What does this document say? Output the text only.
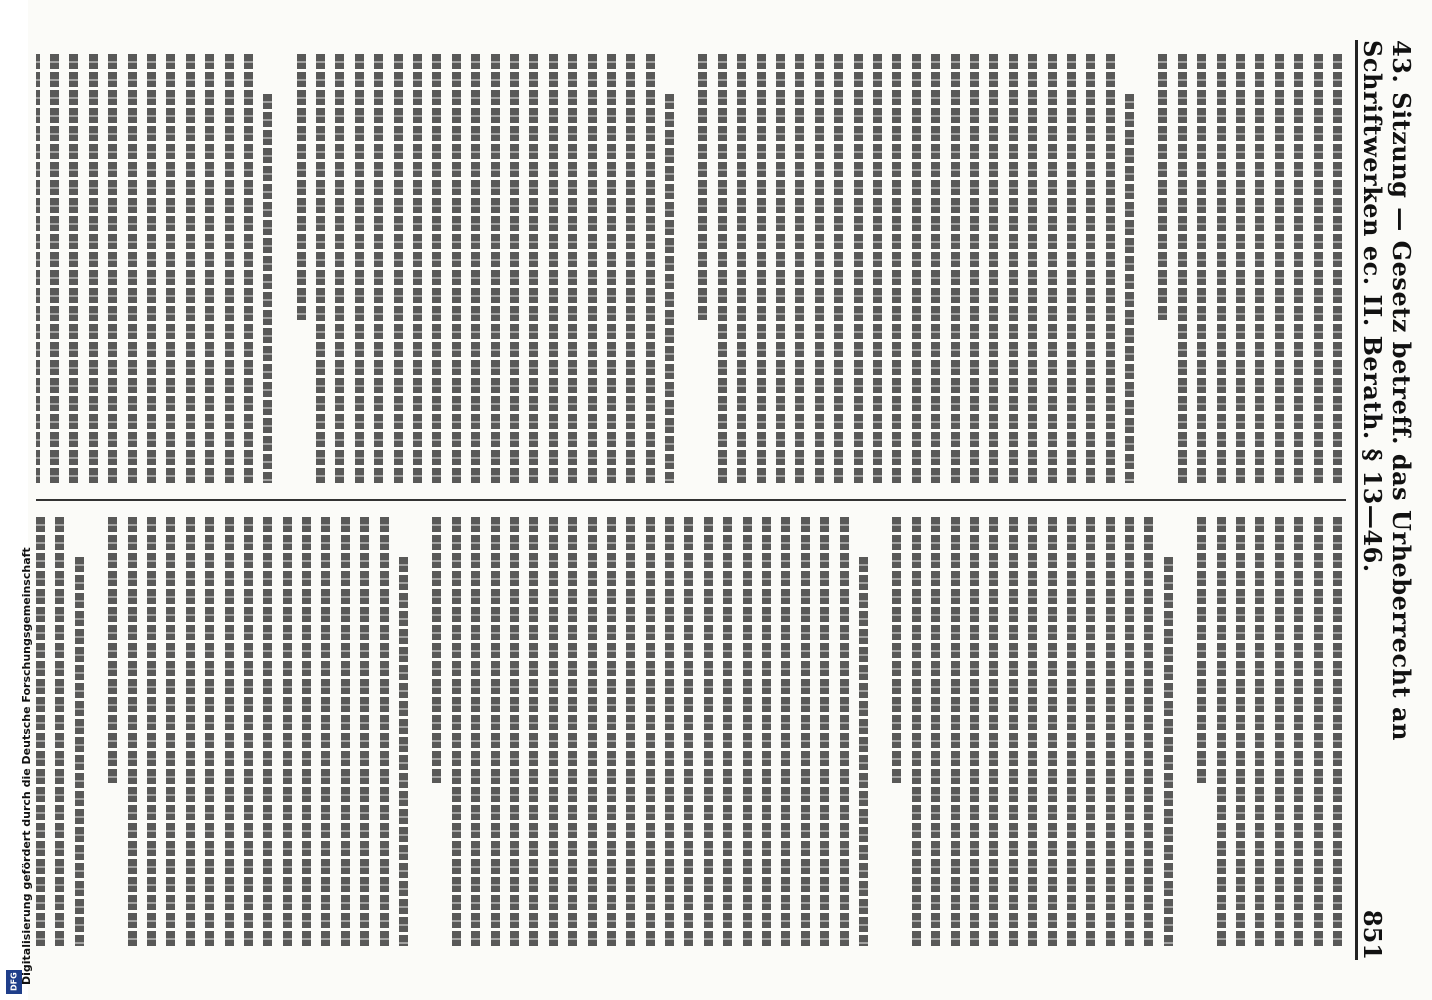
43. Sitzung — Gesetz betreff. das Urheberrecht an Schriftwerken ec. II. Berath. § 13—46.
851
DFG Digitalisierung gefördert durch die Deutsche Forschungsgemeinschaft
